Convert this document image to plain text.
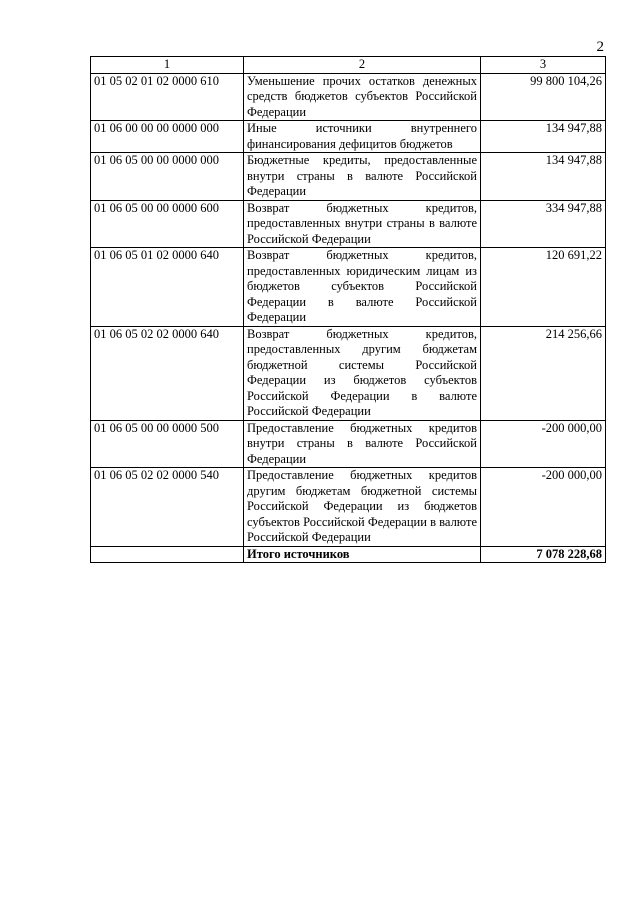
2
1	2	3
01 05 02 01 02 0000 610	Уменьшение прочих остатков денежных средств бюджетов субъектов Российской Федерации	99 800 104,26
01 06 00 00 00 0000 000	Иные источники внутреннего финансирования дефицитов бюджетов	134 947,88
01 06 05 00 00 0000 000	Бюджетные кредиты, предоставленные внутри страны в валюте Российской Федерации	134 947,88
01 06 05 00 00 0000 600	Возврат бюджетных кредитов, предоставленных внутри страны в валюте Российской Федерации	334 947,88
01 06 05 01 02 0000 640	Возврат бюджетных кредитов, предоставленных юридическим лицам из бюджетов субъектов Российской Федерации в валюте Российской Федерации	120 691,22
01 06 05 02 02 0000 640	Возврат бюджетных кредитов, предоставленных другим бюджетам бюджетной системы Российской Федерации из бюджетов субъектов Российской Федерации в валюте Российской Федерации	214 256,66
01 06 05 00 00 0000 500	Предоставление бюджетных кредитов внутри страны в валюте Российской Федерации	-200 000,00
01 06 05 02 02 0000 540	Предоставление бюджетных кредитов другим бюджетам бюджетной системы Российской Федерации из бюджетов субъектов Российской Федерации в валюте Российской Федерации	-200 000,00
	Итого источников	7 078 228,68
